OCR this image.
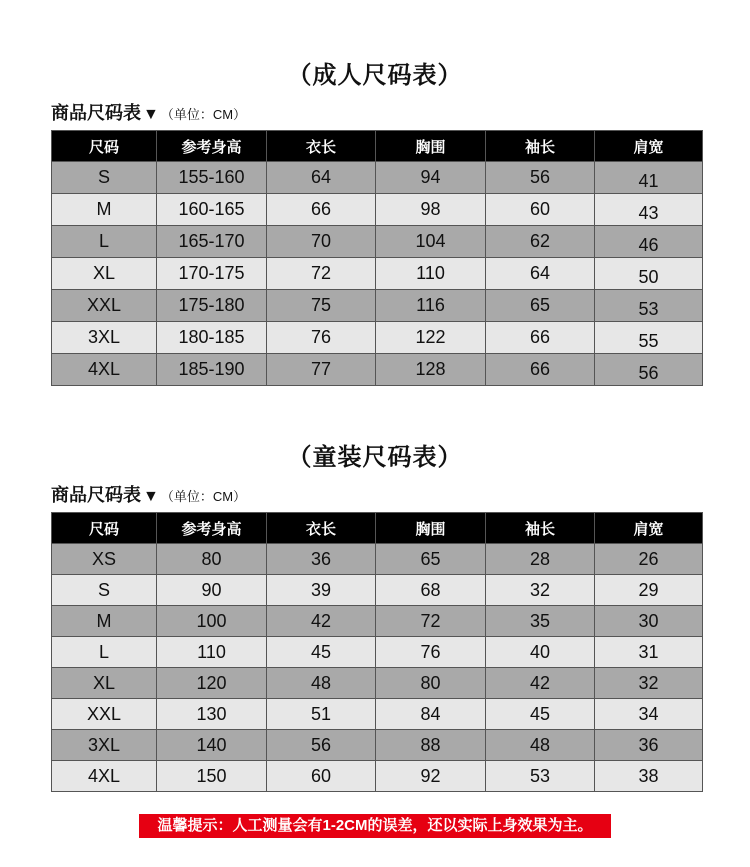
（成人尺码表）
商品尺码表 ▼ （单位：CM）
尺码	参考身高	衣长	胸围	袖长	肩宽
S	155-160	64	94	56	41
M	160-165	66	98	60	43
L	165-170	70	104	62	46
XL	170-175	72	110	64	50
XXL	175-180	75	116	65	53
3XL	180-185	76	122	66	55
4XL	185-190	77	128	66	56
（童装尺码表）
商品尺码表 ▼ （单位：CM）
尺码	参考身高	衣长	胸围	袖长	肩宽
XS	80	36	65	28	26
S	90	39	68	32	29
M	100	42	72	35	30
L	110	45	76	40	31
XL	120	48	80	42	32
XXL	130	51	84	45	34
3XL	140	56	88	48	36
4XL	150	60	92	53	38
温馨提示：人工测量会有1-2CM的误差，还以实际上身效果为主。
